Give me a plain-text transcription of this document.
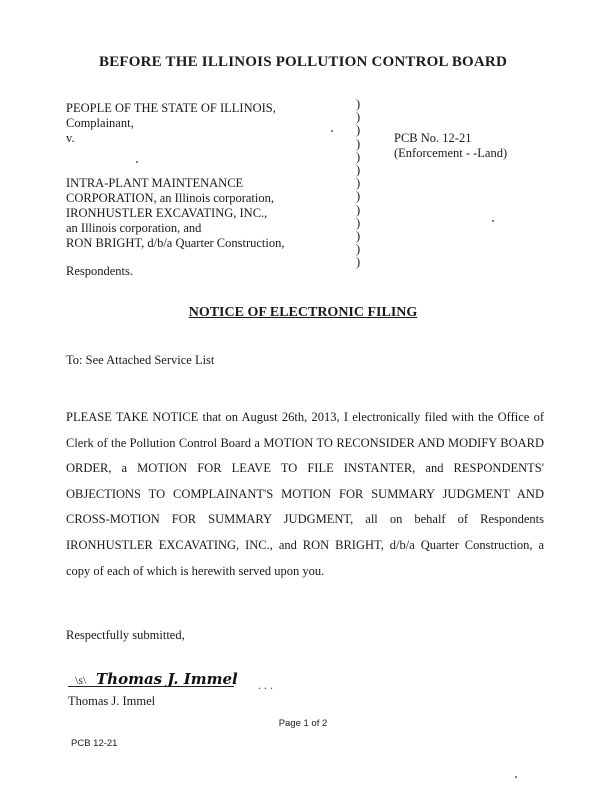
BEFORE THE ILLINOIS POLLUTION CONTROL BOARD
PEOPLE OF THE STATE OF ILLINOIS,
Complainant,
v.
INTRA-PLANT MAINTENANCE
CORPORATION, an Illinois corporation,
IRONHUSTLER EXCAVATING, INC.,
an Illinois corporation, and
RON BRIGHT, d/b/a Quarter Construction,
Respondents.
)
)
)
)
)
)
)
)
)
)
)
)
)
PCB No. 12-21
(Enforcement - -Land)
NOTICE OF ELECTRONIC FILING
To: See Attached Service List
PLEASE TAKE NOTICE that on August 26th, 2013, I electronically filed with the Office of Clerk of the Pollution Control Board a MOTION TO RECONSIDER AND MODIFY BOARD ORDER, a MOTION FOR LEAVE TO FILE INSTANTER, and RESPONDENTS' OBJECTIONS TO COMPLAINANT'S MOTION FOR SUMMARY JUDGMENT AND CROSS-MOTION FOR SUMMARY JUDGMENT, all on behalf of Respondents IRONHUSTLER EXCAVATING, INC., and RON BRIGHT, d/b/a Quarter Construction, a copy of each of which is herewith served upon you.
Respectfully submitted,
\s\ Thomas J. Immel . . .
Thomas J. Immel
Page 1 of 2
PCB 12-21
